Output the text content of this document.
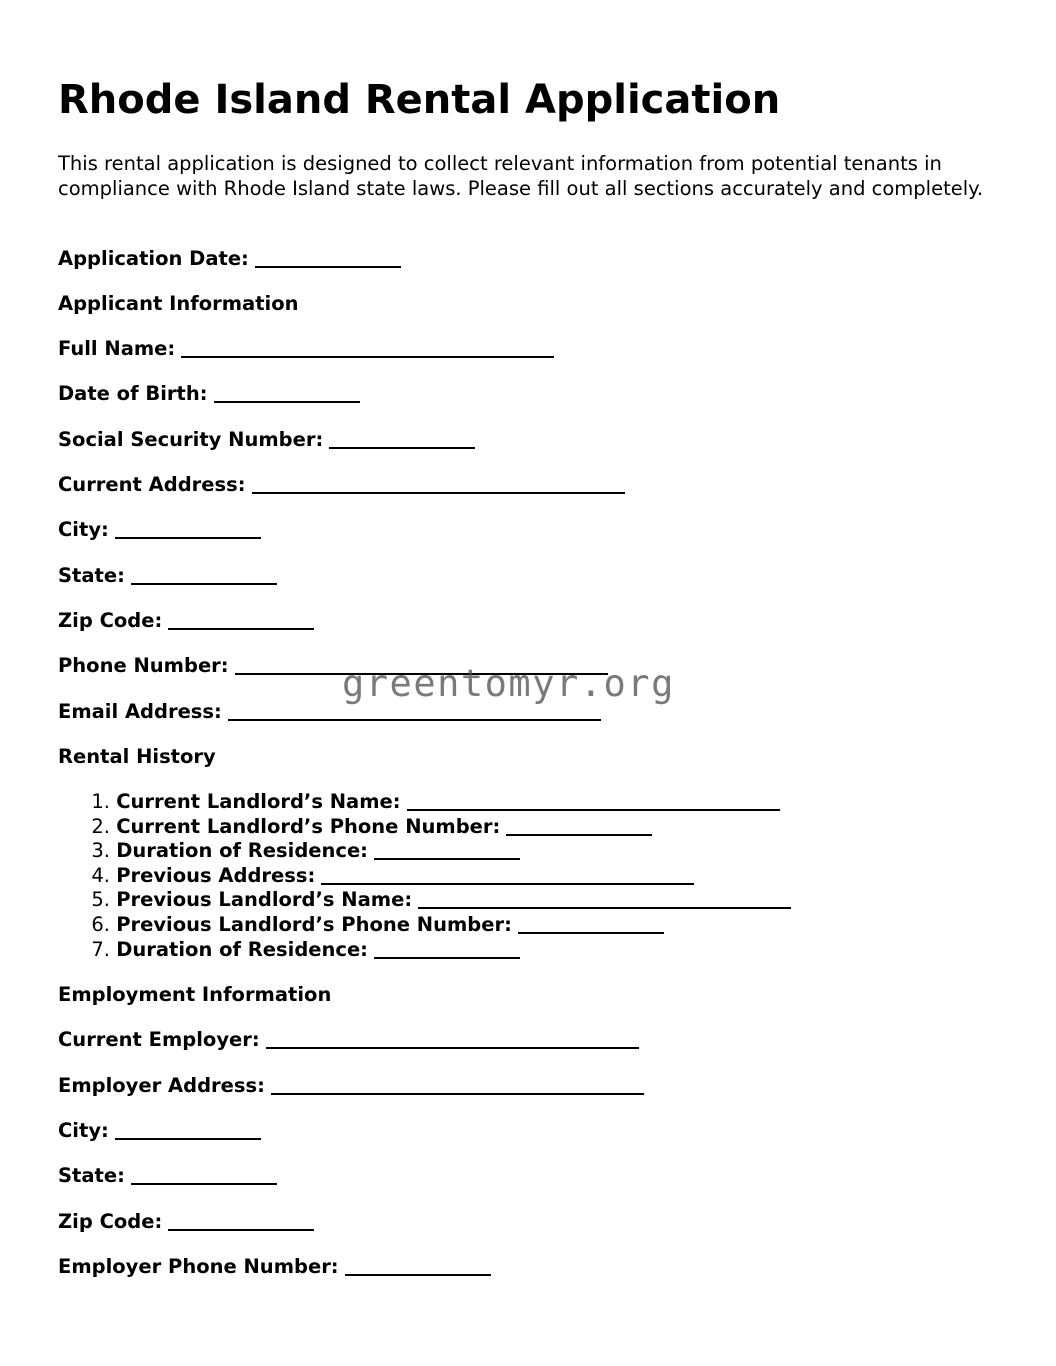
Rhode Island Rental Application

This rental application is designed to collect relevant information from potential tenants in compliance with Rhode Island state laws. Please fill out all sections accurately and completely.

Application Date:
Applicant Information
Full Name:
Date of Birth:
Social Security Number:
Current Address:
City:
State:
Zip Code:
Phone Number:
Email Address:
Rental History
1. Current Landlord’s Name:
2. Current Landlord’s Phone Number:
3. Duration of Residence:
4. Previous Address:
5. Previous Landlord’s Name:
6. Previous Landlord’s Phone Number:
7. Duration of Residence:
Employment Information
Current Employer:
Employer Address:
City:
State:
Zip Code:
Employer Phone Number:
greentomyr.org
